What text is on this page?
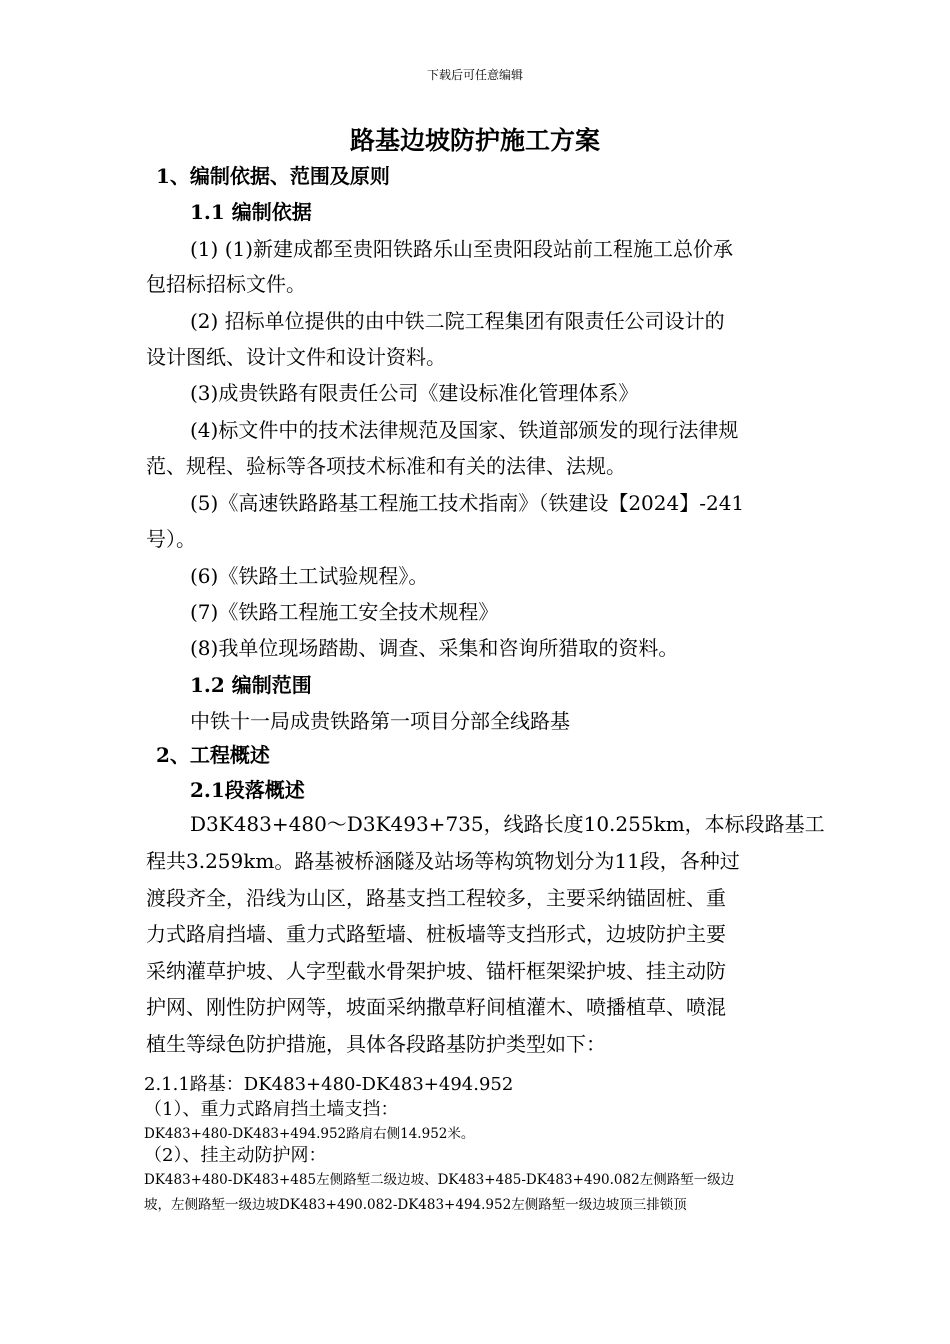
下载后可任意编辑
路基边坡防护施工方案
1、编制依据、范围及原则
1.1 编制依据
(1) (1)新建成都至贵阳铁路乐山至贵阳段站前工程施工总价承
包招标招标文件。
(2) 招标单位提供的由中铁二院工程集团有限责任公司设计的
设计图纸、设计文件和设计资料。
(3)成贵铁路有限责任公司《建设标准化管理体系》
(4)标文件中的技术法律规范及国家、铁道部颁发的现行法律规
范、规程、验标等各项技术标准和有关的法律、法规。
(5)《高速铁路路基工程施工技术指南》（铁建设【2024】-241
号）。
(6)《铁路土工试验规程》。
(7)《铁路工程施工安全技术规程》
(8)我单位现场踏勘、调查、采集和咨询所猎取的资料。
1.2 编制范围
中铁十一局成贵铁路第一项目分部全线路基
2、工程概述
2.1段落概述
D3K483+480～D3K493+735，线路长度10.255km，本标段路基工
程共3.259km。路基被桥涵隧及站场等构筑物划分为11段，各种过
渡段齐全，沿线为山区，路基支挡工程较多，主要采纳锚固桩、重
力式路肩挡墙、重力式路堑墙、桩板墙等支挡形式，边坡防护主要
采纳灌草护坡、人字型截水骨架护坡、锚杆框架梁护坡、挂主动防
护网、刚性防护网等，坡面采纳撒草籽间植灌木、喷播植草、喷混
植生等绿色防护措施，具体各段路基防护类型如下：
2.1.1路基：DK483+480-DK483+494.952
（1）、重力式路肩挡土墙支挡：
DK483+480-DK483+494.952路肩右侧14.952米。
（2）、挂主动防护网：
DK483+480-DK483+485左侧路堑二级边坡、DK483+485-DK483+490.082左侧路堑一级边
坡，左侧路堑一级边坡DK483+490.082-DK483+494.952左侧路堑一级边坡顶三排锁顶
